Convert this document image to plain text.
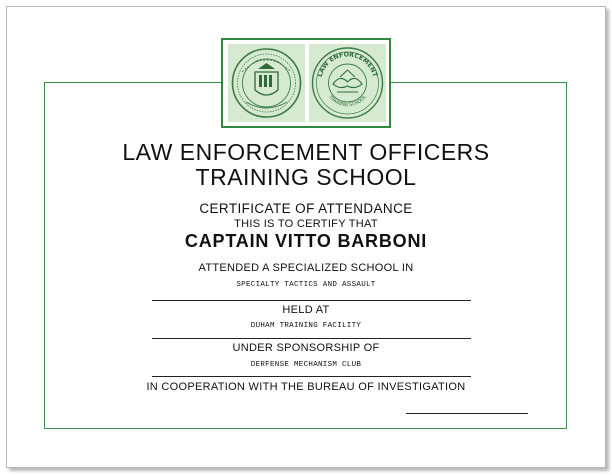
LAW ENFORCEMENT
TRAINING SCHOOL
LAW ENFORCEMENT OFFICERS
TRAINING SCHOOL
CERTIFICATE OF ATTENDANCE
THIS IS TO CERTIFY THAT
CAPTAIN VITTO BARBONI
ATTENDED A SPECIALIZED SCHOOL IN
SPECIALTY TACTICS AND ASSAULT
HELD AT
DUHAM TRAINING FACILITY
UNDER SPONSORSHIP OF
DERFENSE MECHANISM CLUB
IN COOPERATION WITH THE BUREAU OF INVESTIGATION
